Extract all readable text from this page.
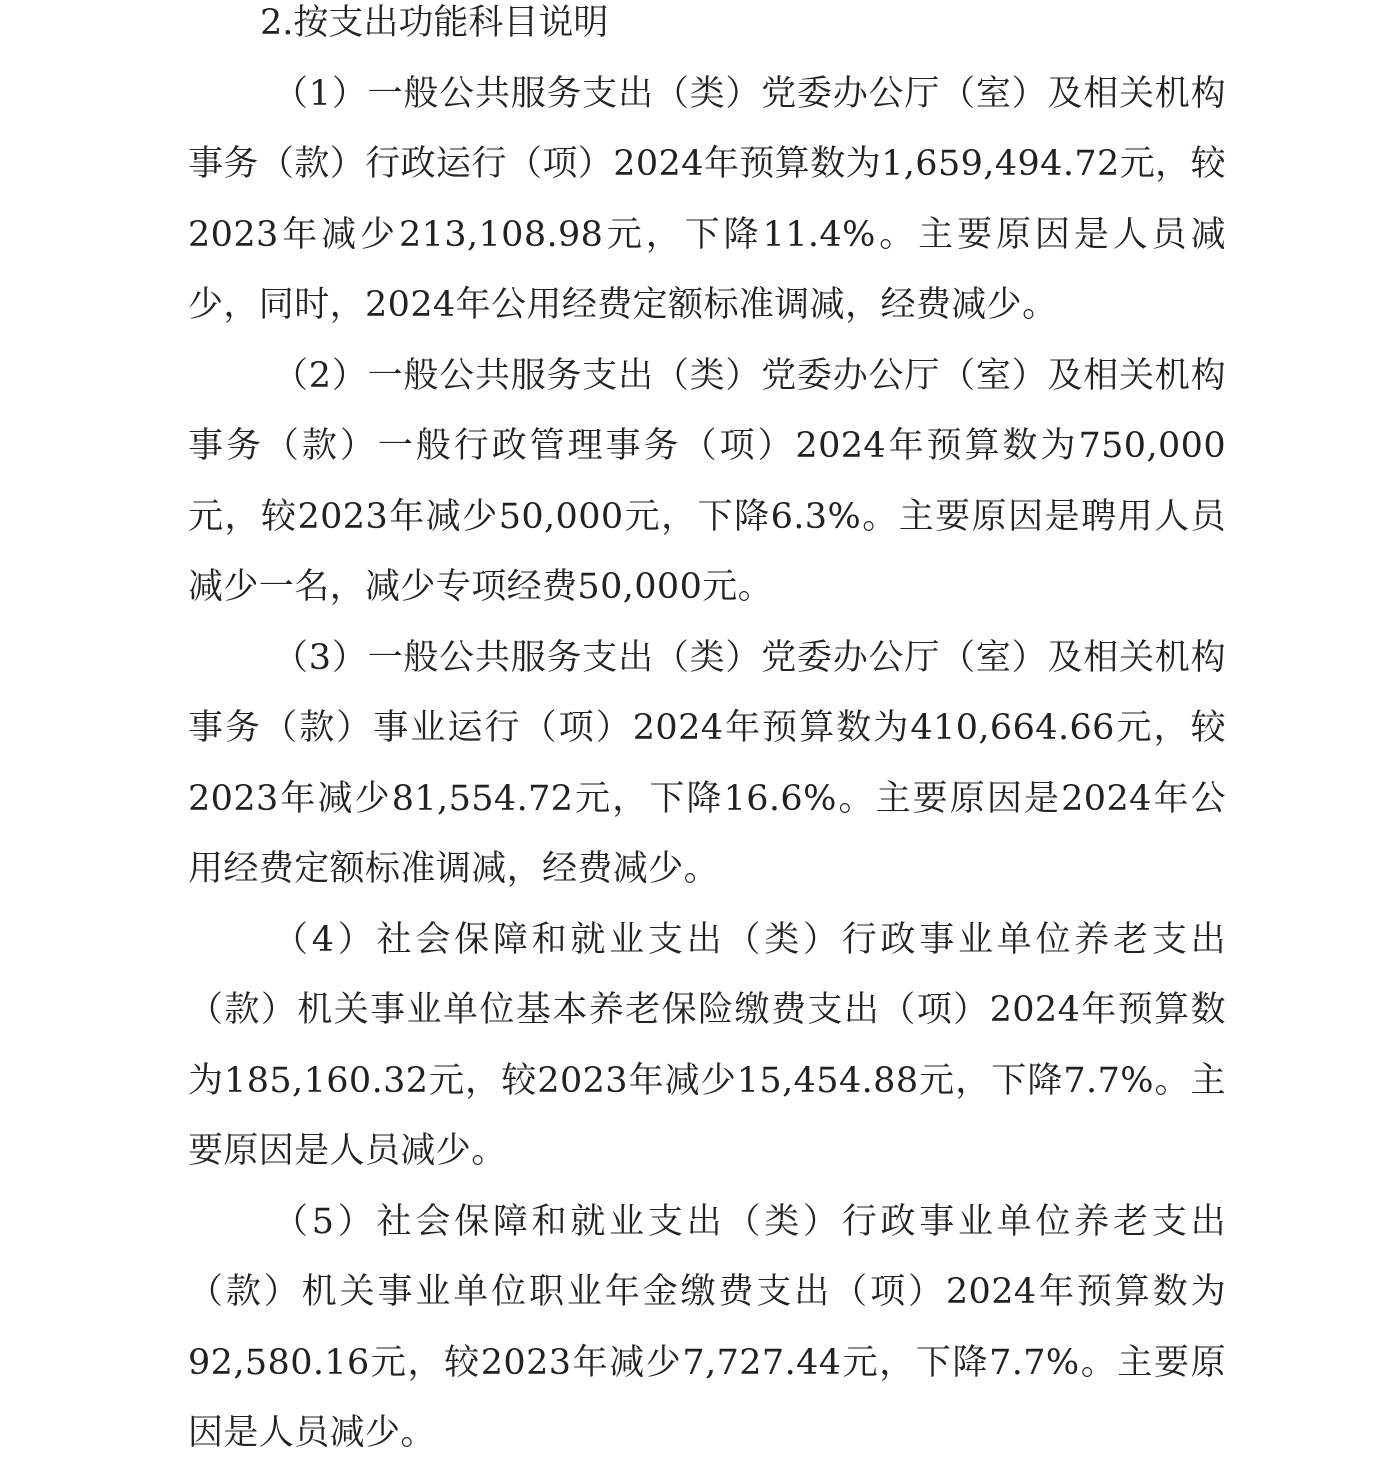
2.按支出功能科目说明

（1）一般公共服务支出（类）党委办公厅（室）及相关机构事务（款）行政运行（项）2024年预算数为1,659,494.72元，较2023年减少213,108.98元，下降11.4%。主要原因是人员减少，同时，2024年公用经费定额标准调减，经费减少。

（2）一般公共服务支出（类）党委办公厅（室）及相关机构事务（款）一般行政管理事务（项）2024年预算数为750,000元，较2023年减少50,000元，下降6.3%。主要原因是聘用人员减少一名，减少专项经费50,000元。

（3）一般公共服务支出（类）党委办公厅（室）及相关机构事务（款）事业运行（项）2024年预算数为410,664.66元，较2023年减少81,554.72元，下降16.6%。主要原因是2024年公用经费定额标准调减，经费减少。

（4）社会保障和就业支出（类）行政事业单位养老支出（款）机关事业单位基本养老保险缴费支出（项）2024年预算数为185,160.32元，较2023年减少15,454.88元，下降7.7%。主要原因是人员减少。

（5）社会保障和就业支出（类）行政事业单位养老支出（款）机关事业单位职业年金缴费支出（项）2024年预算数为92,580.16元，较2023年减少7,727.44元，下降7.7%。主要原因是人员减少。
